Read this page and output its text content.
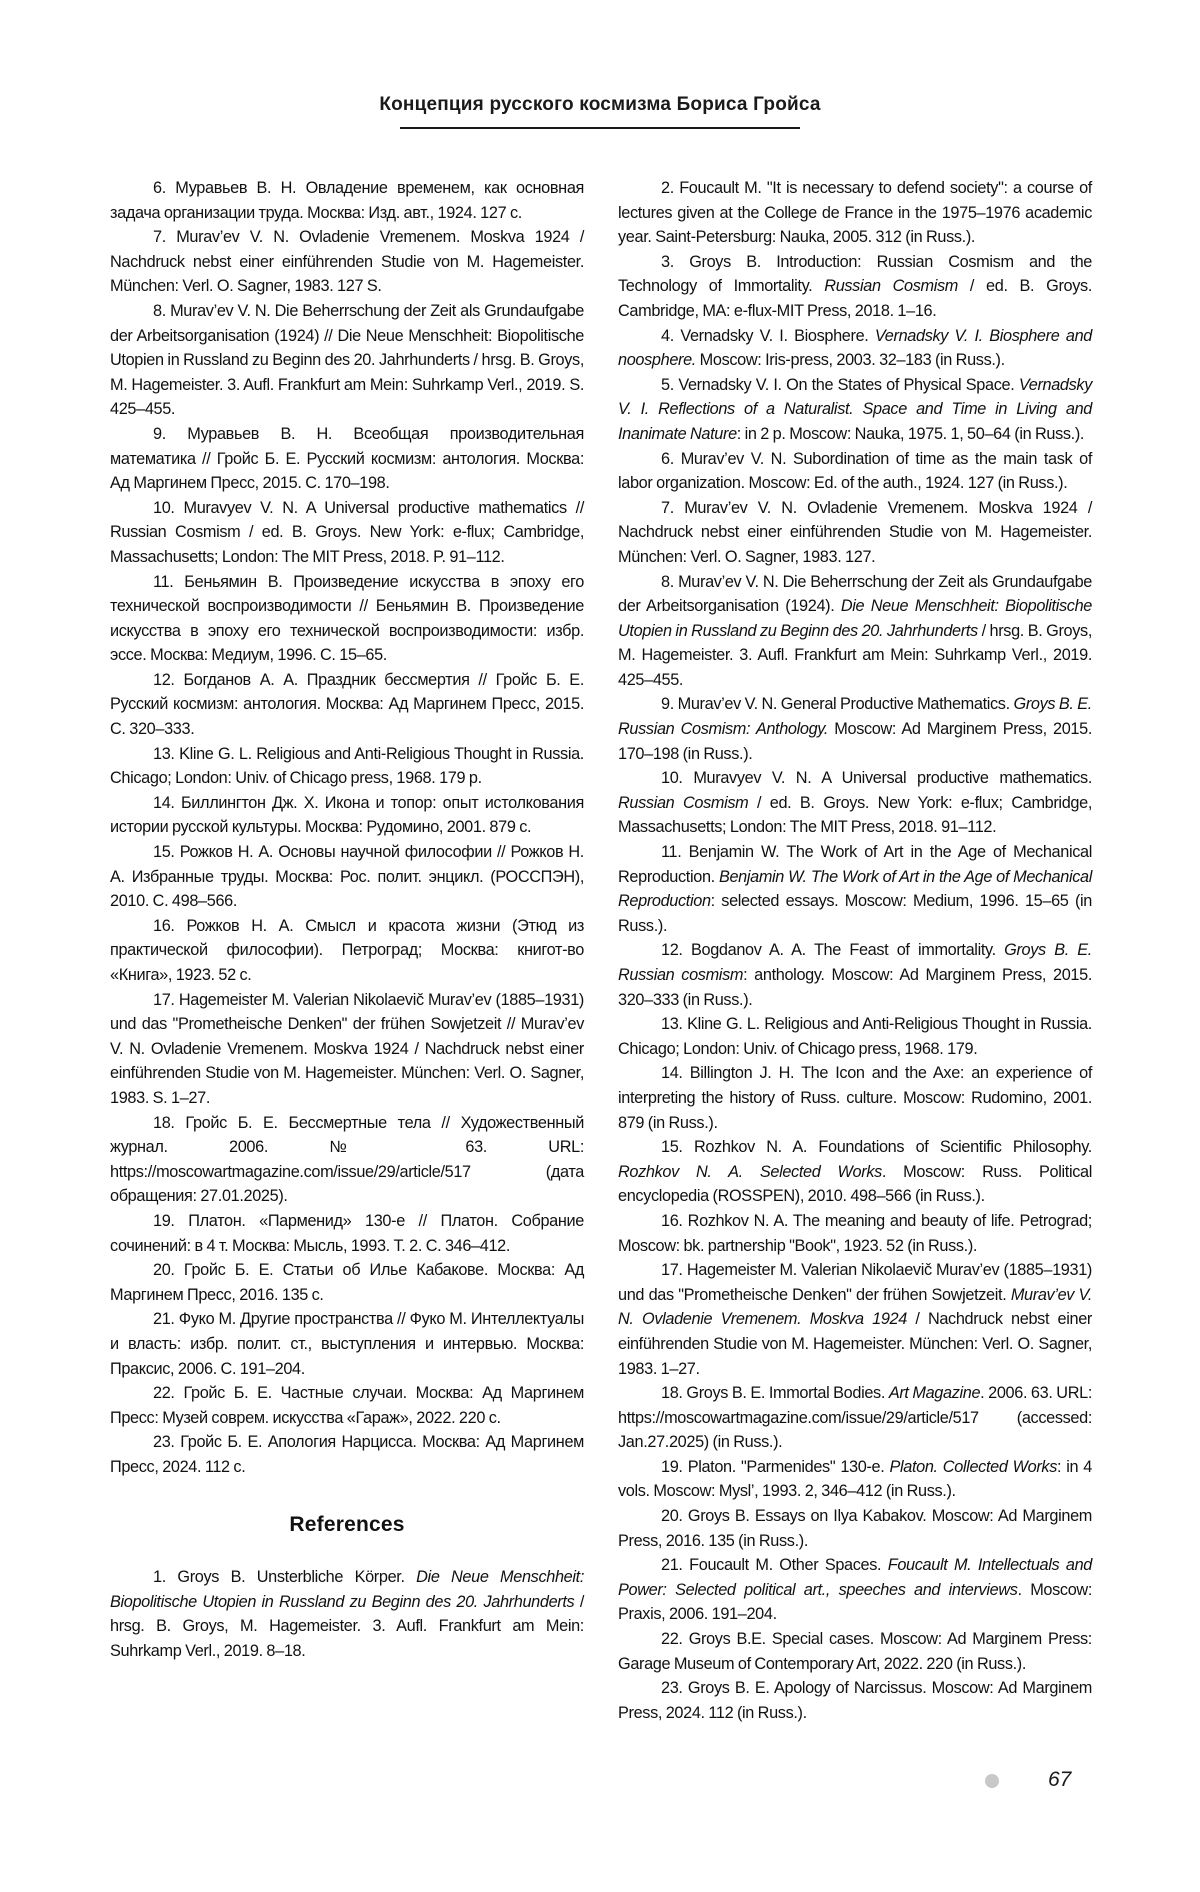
Концепция русского космизма Бориса Гройса

6. Муравьев В. Н. Овладение временем, как основная задача организации труда. Москва: Изд. авт., 1924. 127 с.

7. Murav’ev V. N. Ovladenie Vremenem. Moskva 1924 / Nachdruck nebst einer einführenden Studie von M. Hagemeister. München: Verl. O. Sagner, 1983. 127 S.

8. Murav’ev V. N. Die Beherrschung der Zeit als Grundaufgabe der Arbeitsorganisation (1924) // Die Neue Menschheit: Biopolitische Utopien in Russland zu Beginn des 20. Jahrhunderts / hrsg. B. Groys, M. Hagemeister. 3. Aufl. Frankfurt am Mein: Suhrkamp Verl., 2019. S. 425–455.

9. Муравьев В. Н. Всеобщая производительная математика // Гройс Б. Е. Русский космизм: антология. Москва: Ад Маргинем Пресс, 2015. С. 170–198.

10. Muravyev V. N. A Universal productive mathematics // Russian Cosmism / ed. B. Groys. New York: e-flux; Cambridge, Massachusetts; London: The MIT Press, 2018. P. 91–112.

11. Беньямин В. Произведение искусства в эпоху его технической воспроизводимости // Беньямин В. Произведение искусства в эпоху его технической воспроизводимости: избр. эссе. Москва: Медиум, 1996. С. 15–65.

12. Богданов А. А. Праздник бессмертия // Гройс Б. Е. Русский космизм: антология. Москва: Ад Маргинем Пресс, 2015. С. 320–333.

13. Kline G. L. Religious and Anti-Religious Thought in Russia. Chicago; London: Univ. of Chicago press, 1968. 179 p.

14. Биллингтон Дж. Х. Икона и топор: опыт истолкования истории русской культуры. Москва: Рудомино, 2001. 879 с.

15. Рожков Н. А. Основы научной философии // Рожков Н. А. Избранные труды. Москва: Рос. полит. энцикл. (РОССПЭН), 2010. С. 498–566.

16. Рожков Н. А. Смысл и красота жизни (Этюд из практической философии). Петроград; Москва: книгот-во «Книга», 1923. 52 с.

17. Hagemeister M. Valerian Nikolaevič Murav’ev (1885–1931) und das "Prometheische Denken" der frühen Sowjetzeit // Murav’ev V. N. Ovladenie Vremenem. Moskva 1924 / Nachdruck nebst einer einführenden Studie von M. Hagemeister. München: Verl. O. Sagner, 1983. S. 1–27.

18. Гройс Б. Е. Бессмертные тела // Художественный журнал. 2006. № 63. URL: https://moscowartmagazine.com/issue/29/article/517 (дата обращения: 27.01.2025).

19. Платон. «Парменид» 130-е // Платон. Собрание сочинений: в 4 т. Москва: Мысль, 1993. Т. 2. С. 346–412.

20. Гройс Б. Е. Статьи об Илье Кабакове. Москва: Ад Маргинем Пресс, 2016. 135 с.

21. Фуко М. Другие пространства // Фуко М. Интеллектуалы и власть: избр. полит. ст., выступления и интервью. Москва: Праксис, 2006. С. 191–204.

22. Гройс Б. Е. Частные случаи. Москва: Ад Маргинем Пресс: Музей соврем. искусства «Гараж», 2022. 220 с.

23. Гройс Б. Е. Апология Нарцисса. Москва: Ад Маргинем Пресс, 2024. 112 с.

References

1. Groys B. Unsterbliche Körper. Die Neue Menschheit: Biopolitische Utopien in Russland zu Beginn des 20. Jahrhunderts / hrsg. B. Groys, M. Hagemeister. 3. Aufl. Frankfurt am Mein: Suhrkamp Verl., 2019. 8–18.

2. Foucault M. "It is necessary to defend society": a course of lectures given at the College de France in the 1975–1976 academic year. Saint-Petersburg: Nauka, 2005. 312 (in Russ.).

3. Groys B. Introduction: Russian Cosmism and the Technology of Immortality. Russian Cosmism / ed. B. Groys. Cambridge, MA: e-flux-MIT Press, 2018. 1–16.

4. Vernadsky V. I. Biosphere. Vernadsky V. I. Biosphere and noosphere. Moscow: Iris-press, 2003. 32–183 (in Russ.).

5. Vernadsky V. I. On the States of Physical Space. Vernadsky V. I. Reflections of a Naturalist. Space and Time in Living and Inanimate Nature: in 2 p. Moscow: Nauka, 1975. 1, 50–64 (in Russ.).

6. Murav’ev V. N. Subordination of time as the main task of labor organization. Moscow: Ed. of the auth., 1924. 127 (in Russ.).

7. Murav’ev V. N. Ovladenie Vremenem. Moskva 1924 / Nachdruck nebst einer einführenden Studie von M. Hagemeister. München: Verl. O. Sagner, 1983. 127.

8. Murav’ev V. N. Die Beherrschung der Zeit als Grundaufgabe der Arbeitsorganisation (1924). Die Neue Menschheit: Biopolitische Utopien in Russland zu Beginn des 20. Jahrhunderts / hrsg. B. Groys, M. Hagemeister. 3. Aufl. Frankfurt am Mein: Suhrkamp Verl., 2019. 425–455.

9. Murav’ev V. N. General Productive Mathematics. Groys B. E. Russian Cosmism: Anthology. Moscow: Ad Marginem Press, 2015. 170–198 (in Russ.).

10. Muravyev V. N. A Universal productive mathematics. Russian Cosmism / ed. B. Groys. New York: e-flux; Cambridge, Massachusetts; London: The MIT Press, 2018. 91–112.

11. Benjamin W. The Work of Art in the Age of Mechanical Reproduction. Benjamin W. The Work of Art in the Age of Mechanical Reproduction: selected essays. Moscow: Medium, 1996. 15–65 (in Russ.).

12. Bogdanov A. A. The Feast of immortality. Groys B. E. Russian cosmism: anthology. Moscow: Ad Marginem Press, 2015. 320–333 (in Russ.).

13. Kline G. L. Religious and Anti-Religious Thought in Russia. Chicago; London: Univ. of Chicago press, 1968. 179.

14. Billington J. H. The Icon and the Axe: an experience of interpreting the history of Russ. culture. Moscow: Rudomino, 2001. 879 (in Russ.).

15. Rozhkov N. A. Foundations of Scientific Philosophy. Rozhkov N. A. Selected Works. Moscow: Russ. Political encyclopedia (ROSSPEN), 2010. 498–566 (in Russ.).

16. Rozhkov N. A. The meaning and beauty of life. Petrograd; Moscow: bk. partnership "Book", 1923. 52 (in Russ.).

17. Hagemeister M. Valerian Nikolaevič Murav’ev (1885–1931) und das "Prometheische Denken" der frühen Sowjetzeit. Murav’ev V. N. Ovladenie Vremenem. Moskva 1924 / Nachdruck nebst einer einführenden Studie von M. Hagemeister. München: Verl. O. Sagner, 1983. 1–27.

18. Groys B. E. Immortal Bodies. Art Magazine. 2006. 63. URL: https://moscowartmagazine.com/issue/29/article/517 (accessed: Jan.27.2025) (in Russ.).

19. Platon. "Parmenides" 130-e. Platon. Collected Works: in 4 vols. Moscow: Mysl’, 1993. 2, 346–412 (in Russ.).

20. Groys B. Essays on Ilya Kabakov. Moscow: Ad Marginem Press, 2016. 135 (in Russ.).

21. Foucault M. Other Spaces. Foucault M. Intellectuals and Power: Selected political art., speeches and interviews. Moscow: Praxis, 2006. 191–204.

22. Groys B.E. Special cases. Moscow: Ad Marginem Press: Garage Museum of Contemporary Art, 2022. 220 (in Russ.).

23. Groys B. E. Apology of Narcissus. Moscow: Ad Marginem Press, 2024. 112 (in Russ.).

67
